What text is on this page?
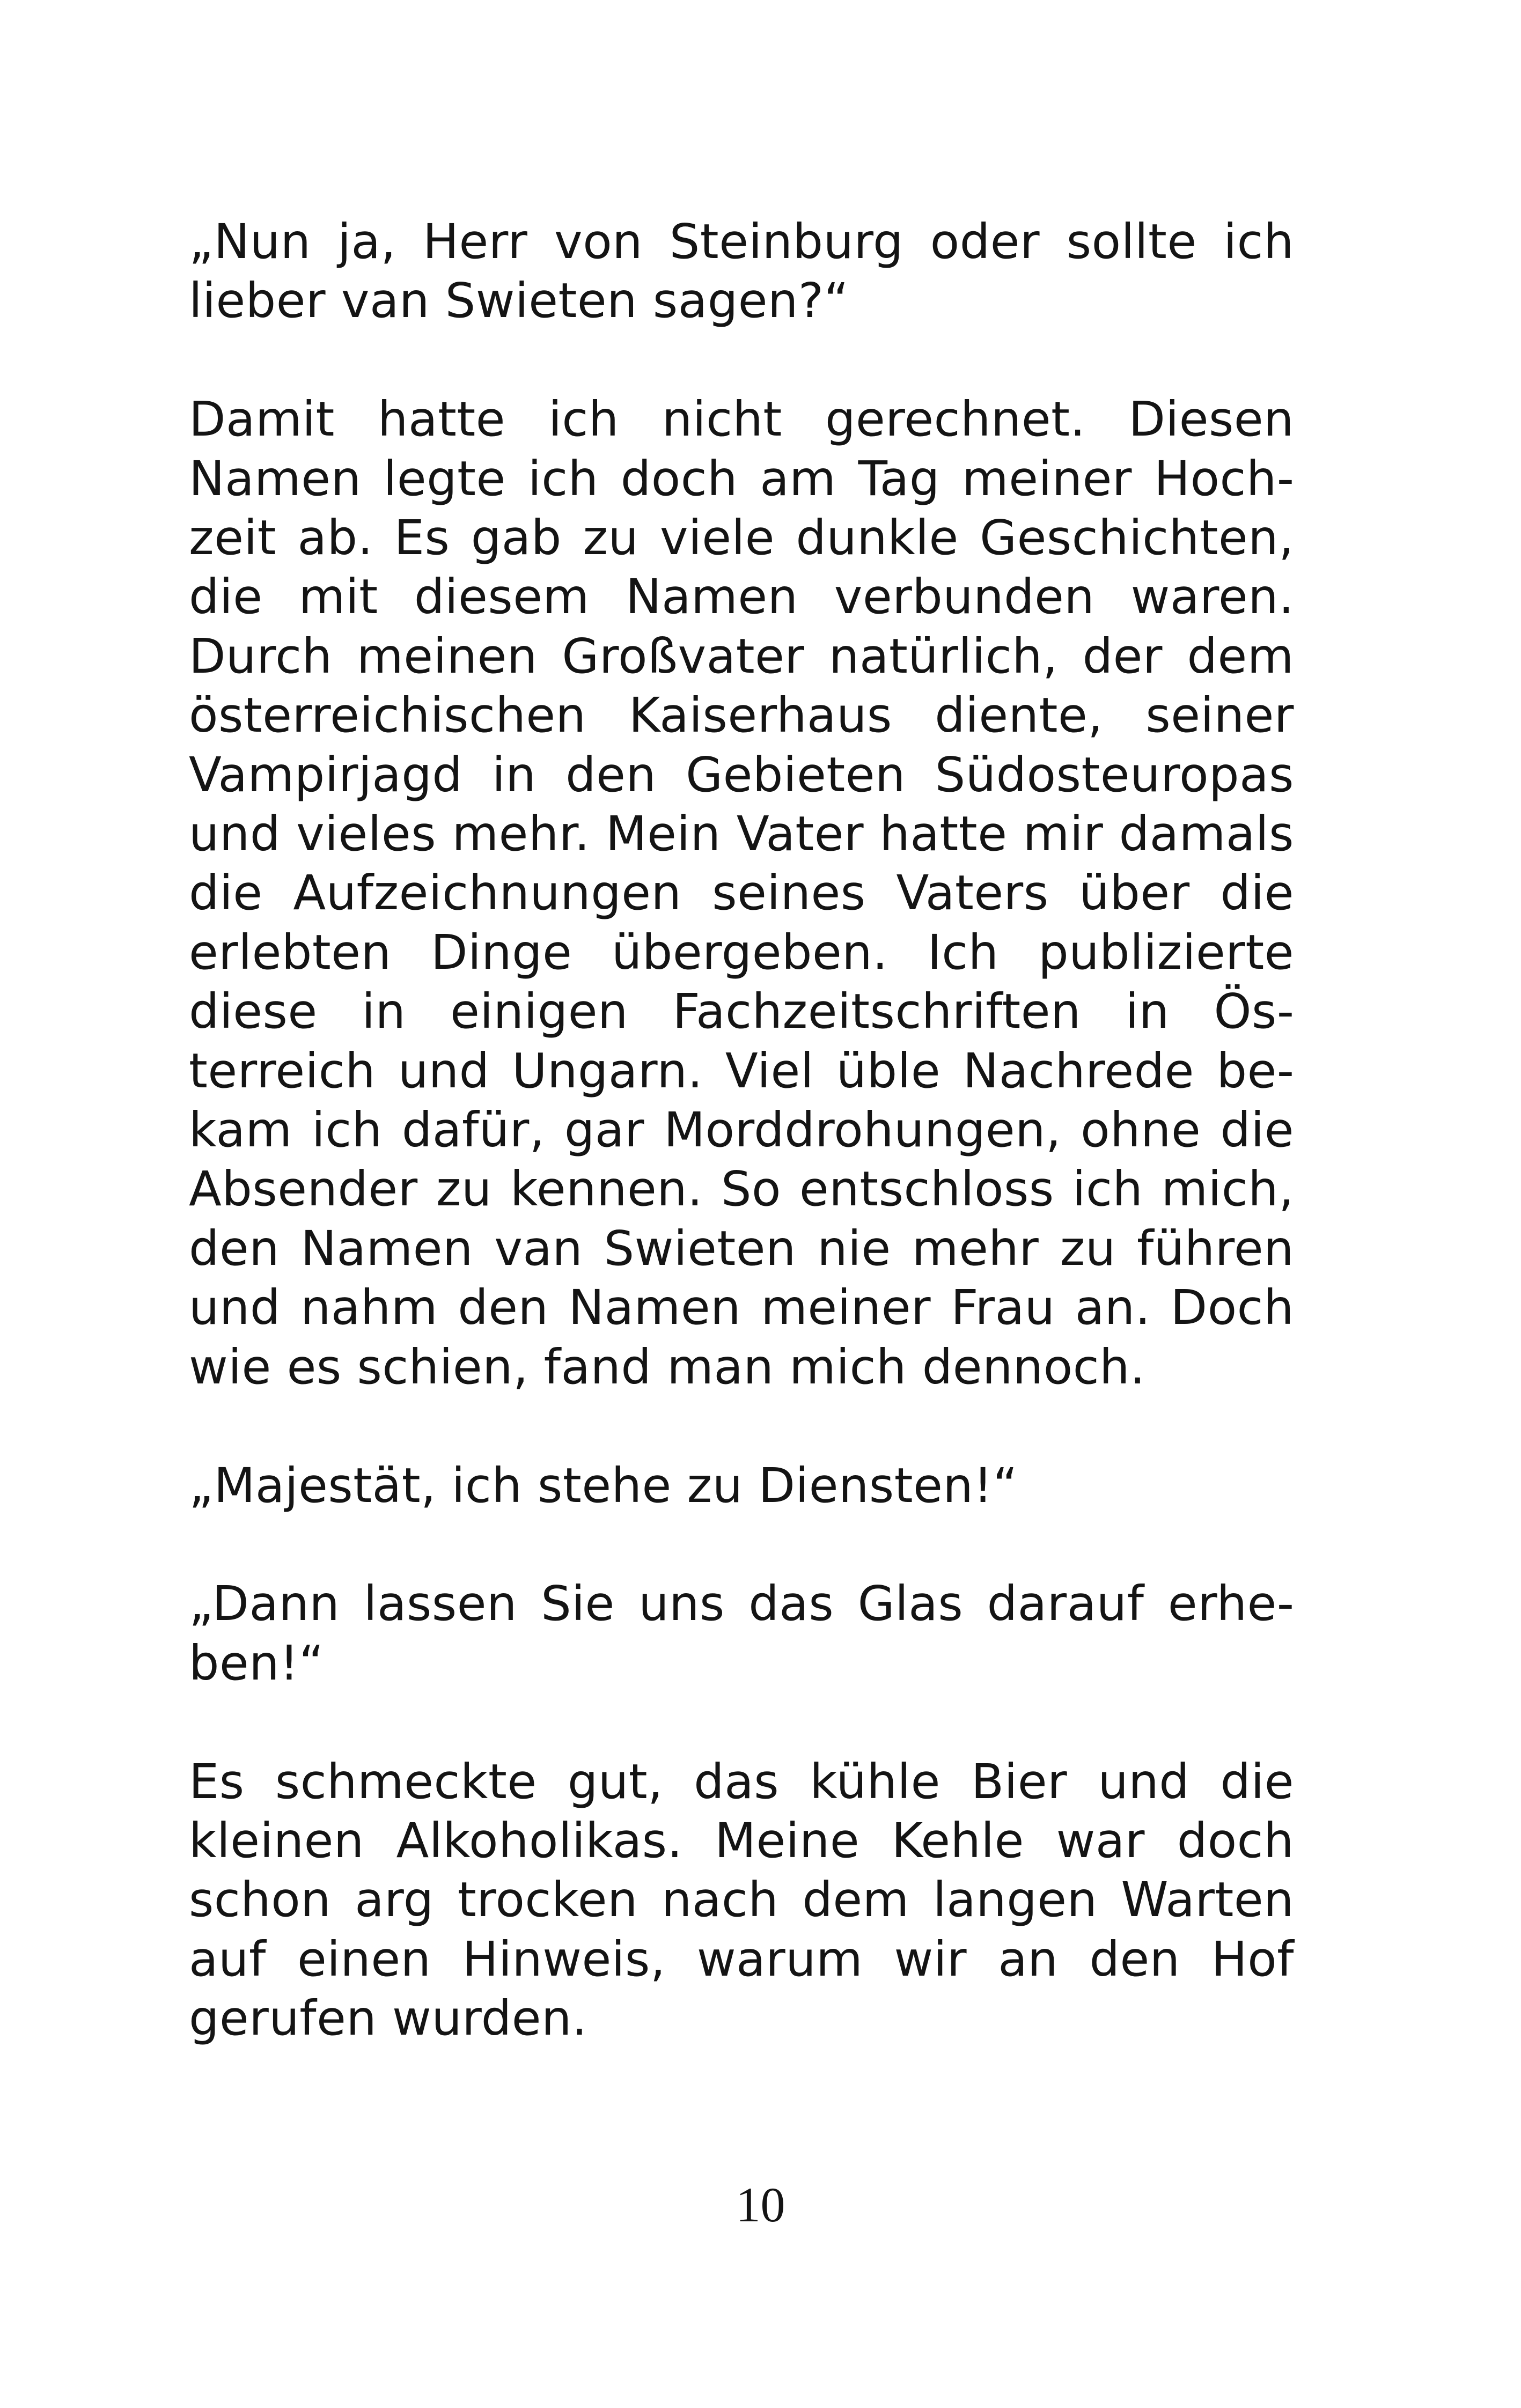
„Nun ja, Herr von Steinburg oder sollte ich lieber van Swieten sagen?“

Damit hatte ich nicht gerechnet. Diesen Namen legte ich doch am Tag meiner Hochzeit ab. Es gab zu viele dunkle Geschichten, die mit diesem Namen verbunden waren. Durch meinen Großvater natürlich, der dem österreichischen Kaiserhaus diente, seiner Vampirjagd in den Gebieten Südosteuropas und vieles mehr. Mein Vater hatte mir damals die Aufzeichnungen seines Vaters über die erlebten Dinge übergeben. Ich publizierte diese in einigen Fachzeitschriften in Österreich und Ungarn. Viel üble Nachrede bekam ich dafür, gar Morddrohungen, ohne die Absender zu kennen. So entschloss ich mich, den Namen van Swieten nie mehr zu führen und nahm den Namen meiner Frau an. Doch wie es schien, fand man mich dennoch.

„Majestät, ich stehe zu Diensten!“

„Dann lassen Sie uns das Glas darauf erheben!“

Es schmeckte gut, das kühle Bier und die kleinen Alkoholikas. Meine Kehle war doch schon arg trocken nach dem langen Warten auf einen Hinweis, warum wir an den Hof gerufen wurden.

10
